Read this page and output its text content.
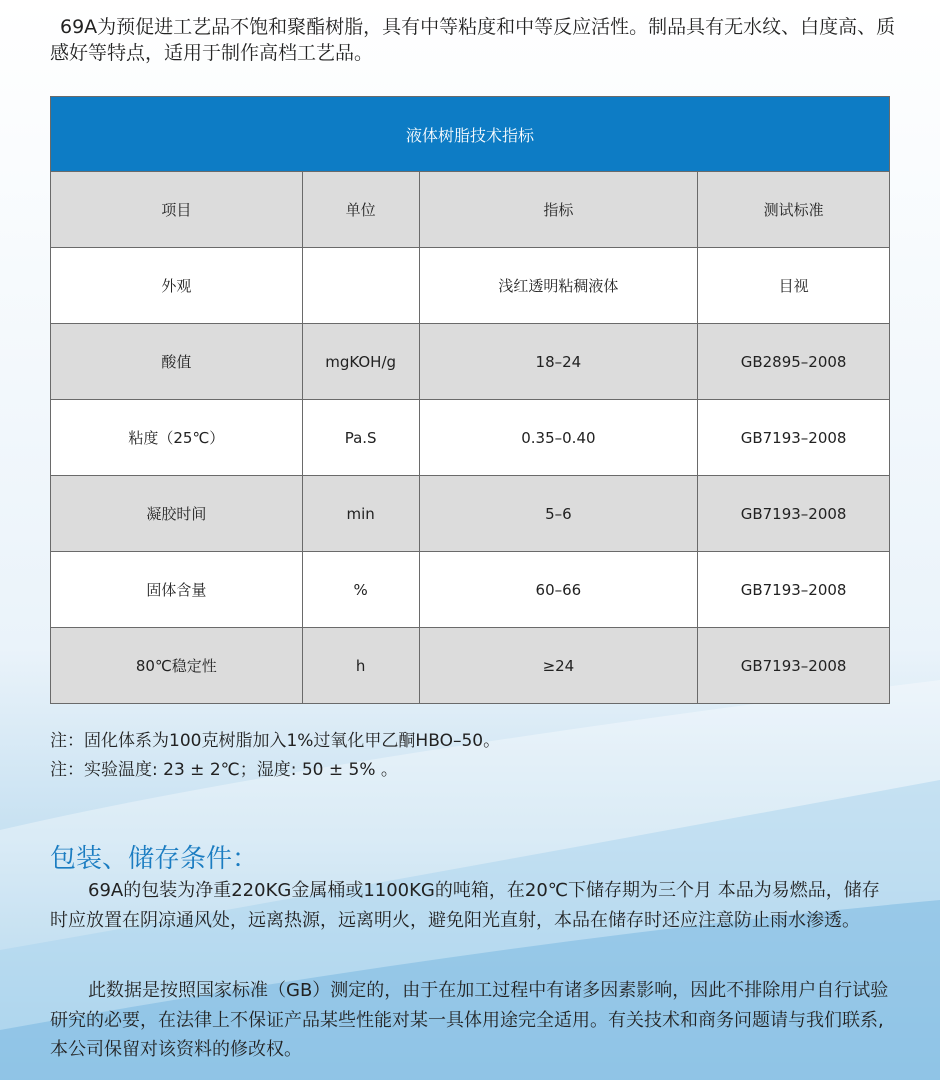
69A为预促进工艺品不饱和聚酯树脂，具有中等粘度和中等反应活性。制品具有无水纹、白度高、质感好等特点，适用于制作高档工艺品。

液体树脂技术指标			
项目	单位	指标	测试标准
外观		浅红透明粘稠液体	目视
酸值	mgKOH/g	18–24	GB2895–2008
粘度（25℃）	Pa.S	0.35–0.40	GB7193–2008
凝胶时间	min	5–6	GB7193–2008
固体含量	%	60–66	GB7193–2008
80℃稳定性	h	≥24	GB7193–2008
注：固化体系为100克树脂加入1%过氧化甲乙酮HBO–50。
注：实验温度: 23 ± 2℃；湿度: 50 ± 5% 。
包装、储存条件：

69A的包装为净重220KG金属桶或1100KG的吨箱，在20℃下储存期为三个月 本品为易燃品，储存时应放置在阴凉通风处，远离热源，远离明火，避免阳光直射，本品在储存时还应注意防止雨水渗透。

此数据是按照国家标准（GB）测定的，由于在加工过程中有诸多因素影响，因此不排除用户自行试验研究的必要，在法律上不保证产品某些性能对某一具体用途完全适用。有关技术和商务问题请与我们联系,本公司保留对该资料的修改权。
